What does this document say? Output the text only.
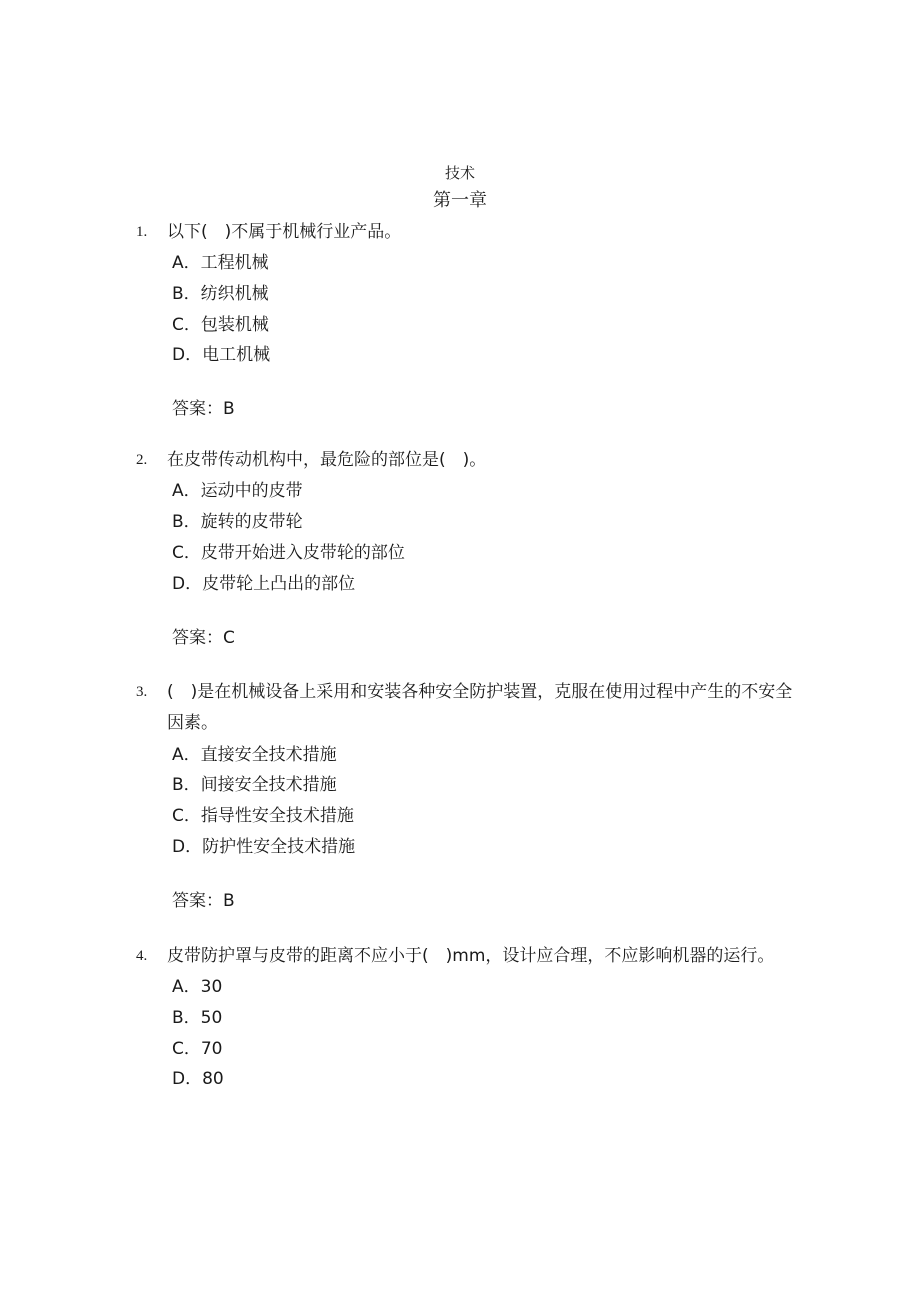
技术
第一章
1. 以下(　)不属于机械行业产品。
A．工程机械
B．纺织机械
C．包装机械
D．电工机械
答案：B
2. 在皮带传动机构中，最危险的部位是(　)。
A．运动中的皮带
B．旋转的皮带轮
C．皮带开始进入皮带轮的部位
D．皮带轮上凸出的部位
答案：C
3. (　)是在机械设备上采用和安装各种安全防护装置，克服在使用过程中产生的不安全因素。
A．直接安全技术措施
B．间接安全技术措施
C．指导性安全技术措施
D．防护性安全技术措施
答案：B
4. 皮带防护罩与皮带的距离不应小于(　)mm，设计应合理，不应影响机器的运行。
A．30
B．50
C．70
D．80
